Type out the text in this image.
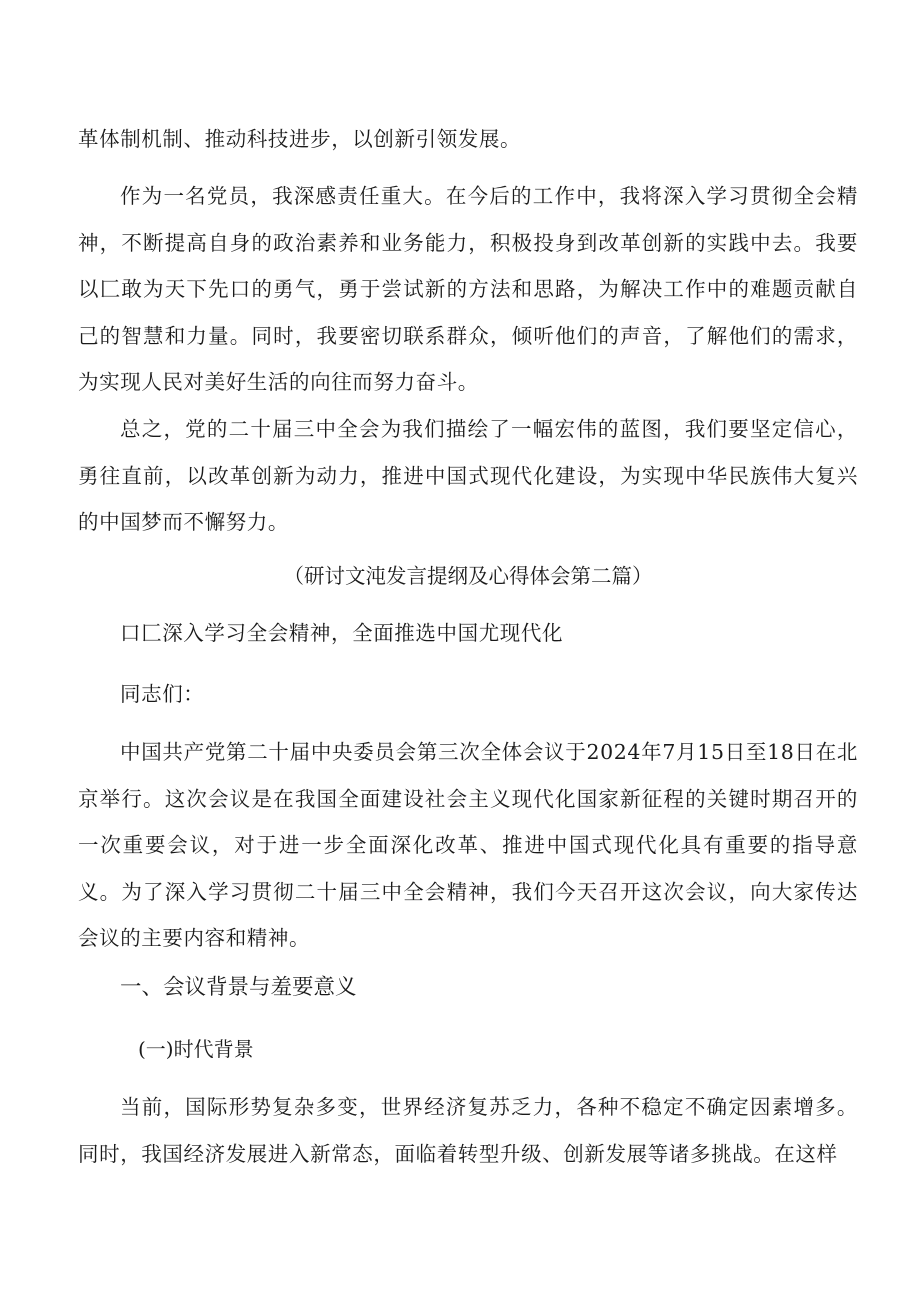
革体制机制、推动科技进步，以创新引领发展。

作为一名党员，我深感责任重大。在今后的工作中，我将深入学习贯彻全会精神，不断提高自身的政治素养和业务能力，积极投身到改革创新的实践中去。我要以匚敢为天下先口的勇气，勇于尝试新的方法和思路，为解决工作中的难题贡献自己的智慧和力量。同时，我要密切联系群众，倾听他们的声音，了解他们的需求，为实现人民对美好生活的向往而努力奋斗。

总之，党的二十届三中全会为我们描绘了一幅宏伟的蓝图，我们要坚定信心，勇往直前，以改革创新为动力，推进中国式现代化建设，为实现中华民族伟大复兴的中国梦而不懈努力。

（研讨文沌发言提纲及心得体会第二篇）

口匚深入学习全会精神，全面推选中国尤现代化

同志们：

中国共产党第二十届中央委员会第三次全体会议于2024年7月15日至18日在北京举行。这次会议是在我国全面建设社会主义现代化国家新征程的关键时期召开的一次重要会议，对于进一步全面深化改革、推进中国式现代化具有重要的指导意义。为了深入学习贯彻二十届三中全会精神，我们今天召开这次会议，向大家传达会议的主要内容和精神。

一、会议背景与羞要意义

(一)时代背景

当前，国际形势复杂多变，世界经济复苏乏力，各种不稳定不确定因素增多。同时，我国经济发展进入新常态，面临着转型升级、创新发展等诸多挑战。在这样
